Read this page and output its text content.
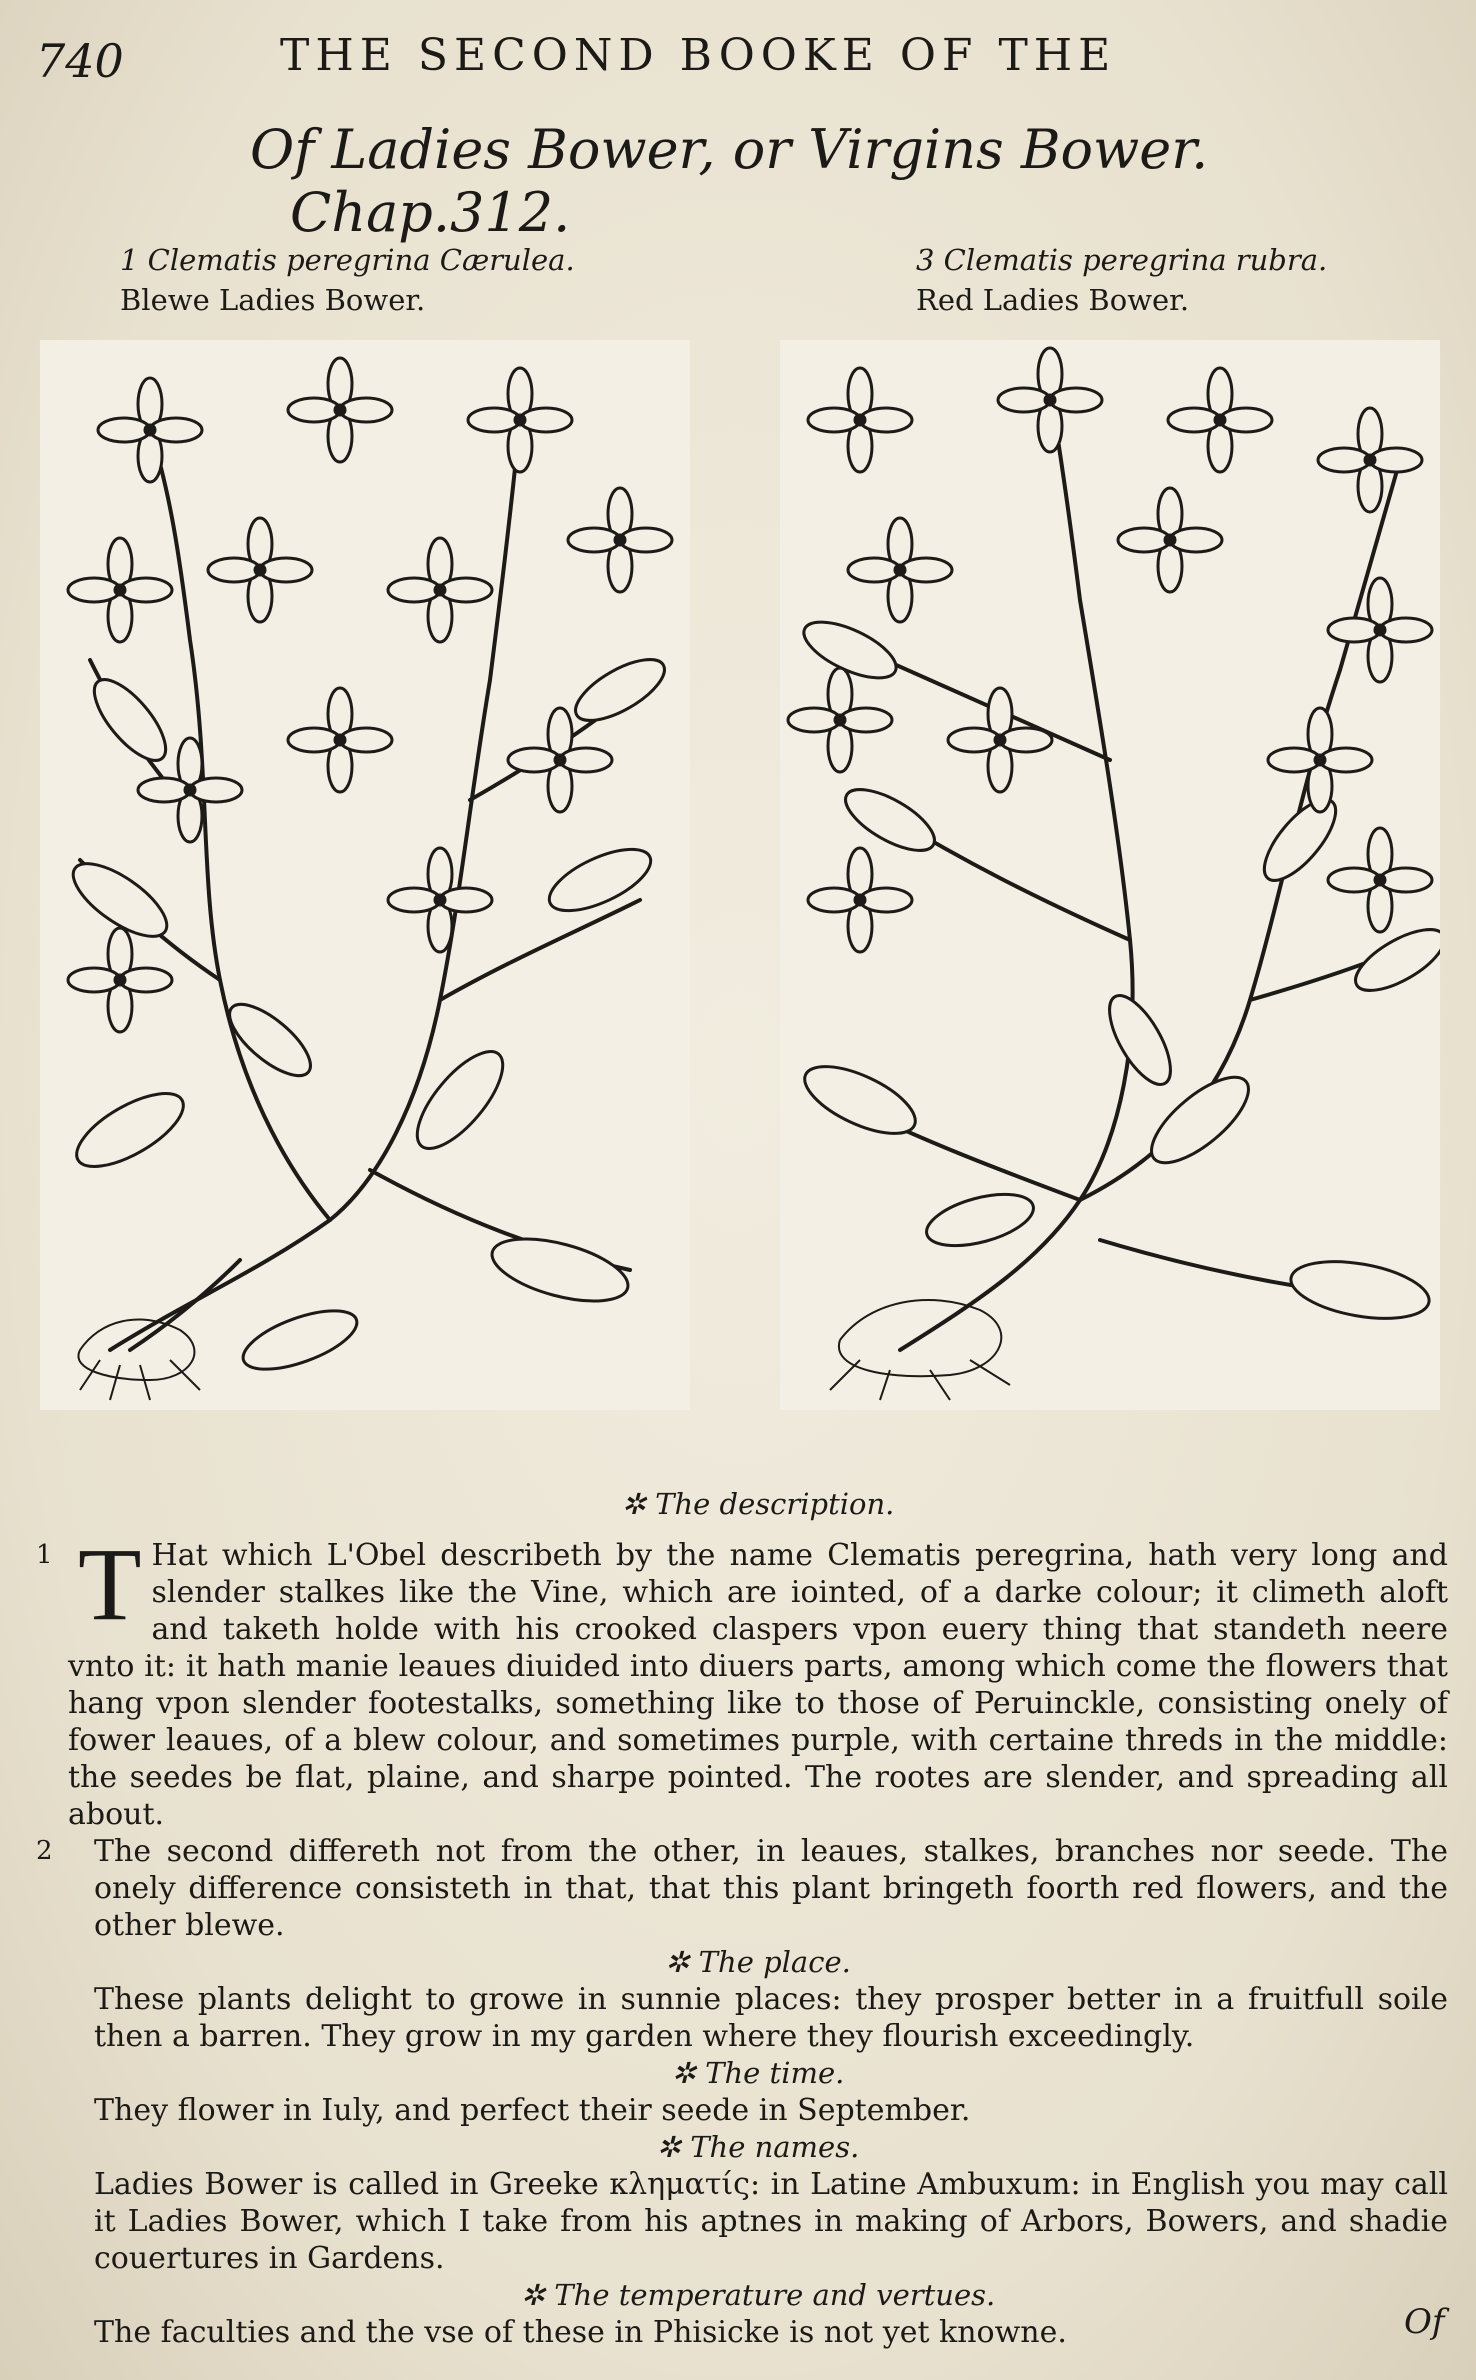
740	THE SECOND BOOKE OF THE
Of Ladies Bower, or Virgins Bower. Chap.312.
1 Clematis peregrina Cærulea.
Blewe Ladies Bower.
3 Clematis peregrina rubra.
Red Ladies Bower.

✲ The description.

1 T Hat which L'Obel describeth by the name Clematis peregrina, hath very long and slender stalkes like the Vine, which are iointed, of a darke colour; it climeth aloft and taketh holde with his crooked claspers vpon euery thing that standeth neere vnto it: it hath manie leaues diuided into diuers parts, among which come the flowers that hang vpon slender footestalks, something like to those of Peruinckle, consisting onely of fower leaues, of a blew colour, and sometimes purple, with certaine threds in the middle: the seedes be flat, plaine, and sharpe pointed. The rootes are slender, and spreading all about.

2 The second differeth not from the other, in leaues, stalkes, branches nor seede. The onely difference consisteth in that, that this plant bringeth foorth red flowers, and the other blewe.

✲ The place.

These plants delight to growe in sunnie places: they prosper better in a fruitfull soile then a barren. They grow in my garden where they flourish exceedingly.

✲ The time.

They flower in Iuly, and perfect their seede in September.

✲ The names.

Ladies Bower is called in Greeke κληματίς: in Latine Ambuxum: in English you may call it Ladies Bower, which I take from his aptnes in making of Arbors, Bowers, and shadie couertures in Gardens.

✲ The temperature and vertues.

The faculties and the vse of these in Phisicke is not yet knowne.	Of
